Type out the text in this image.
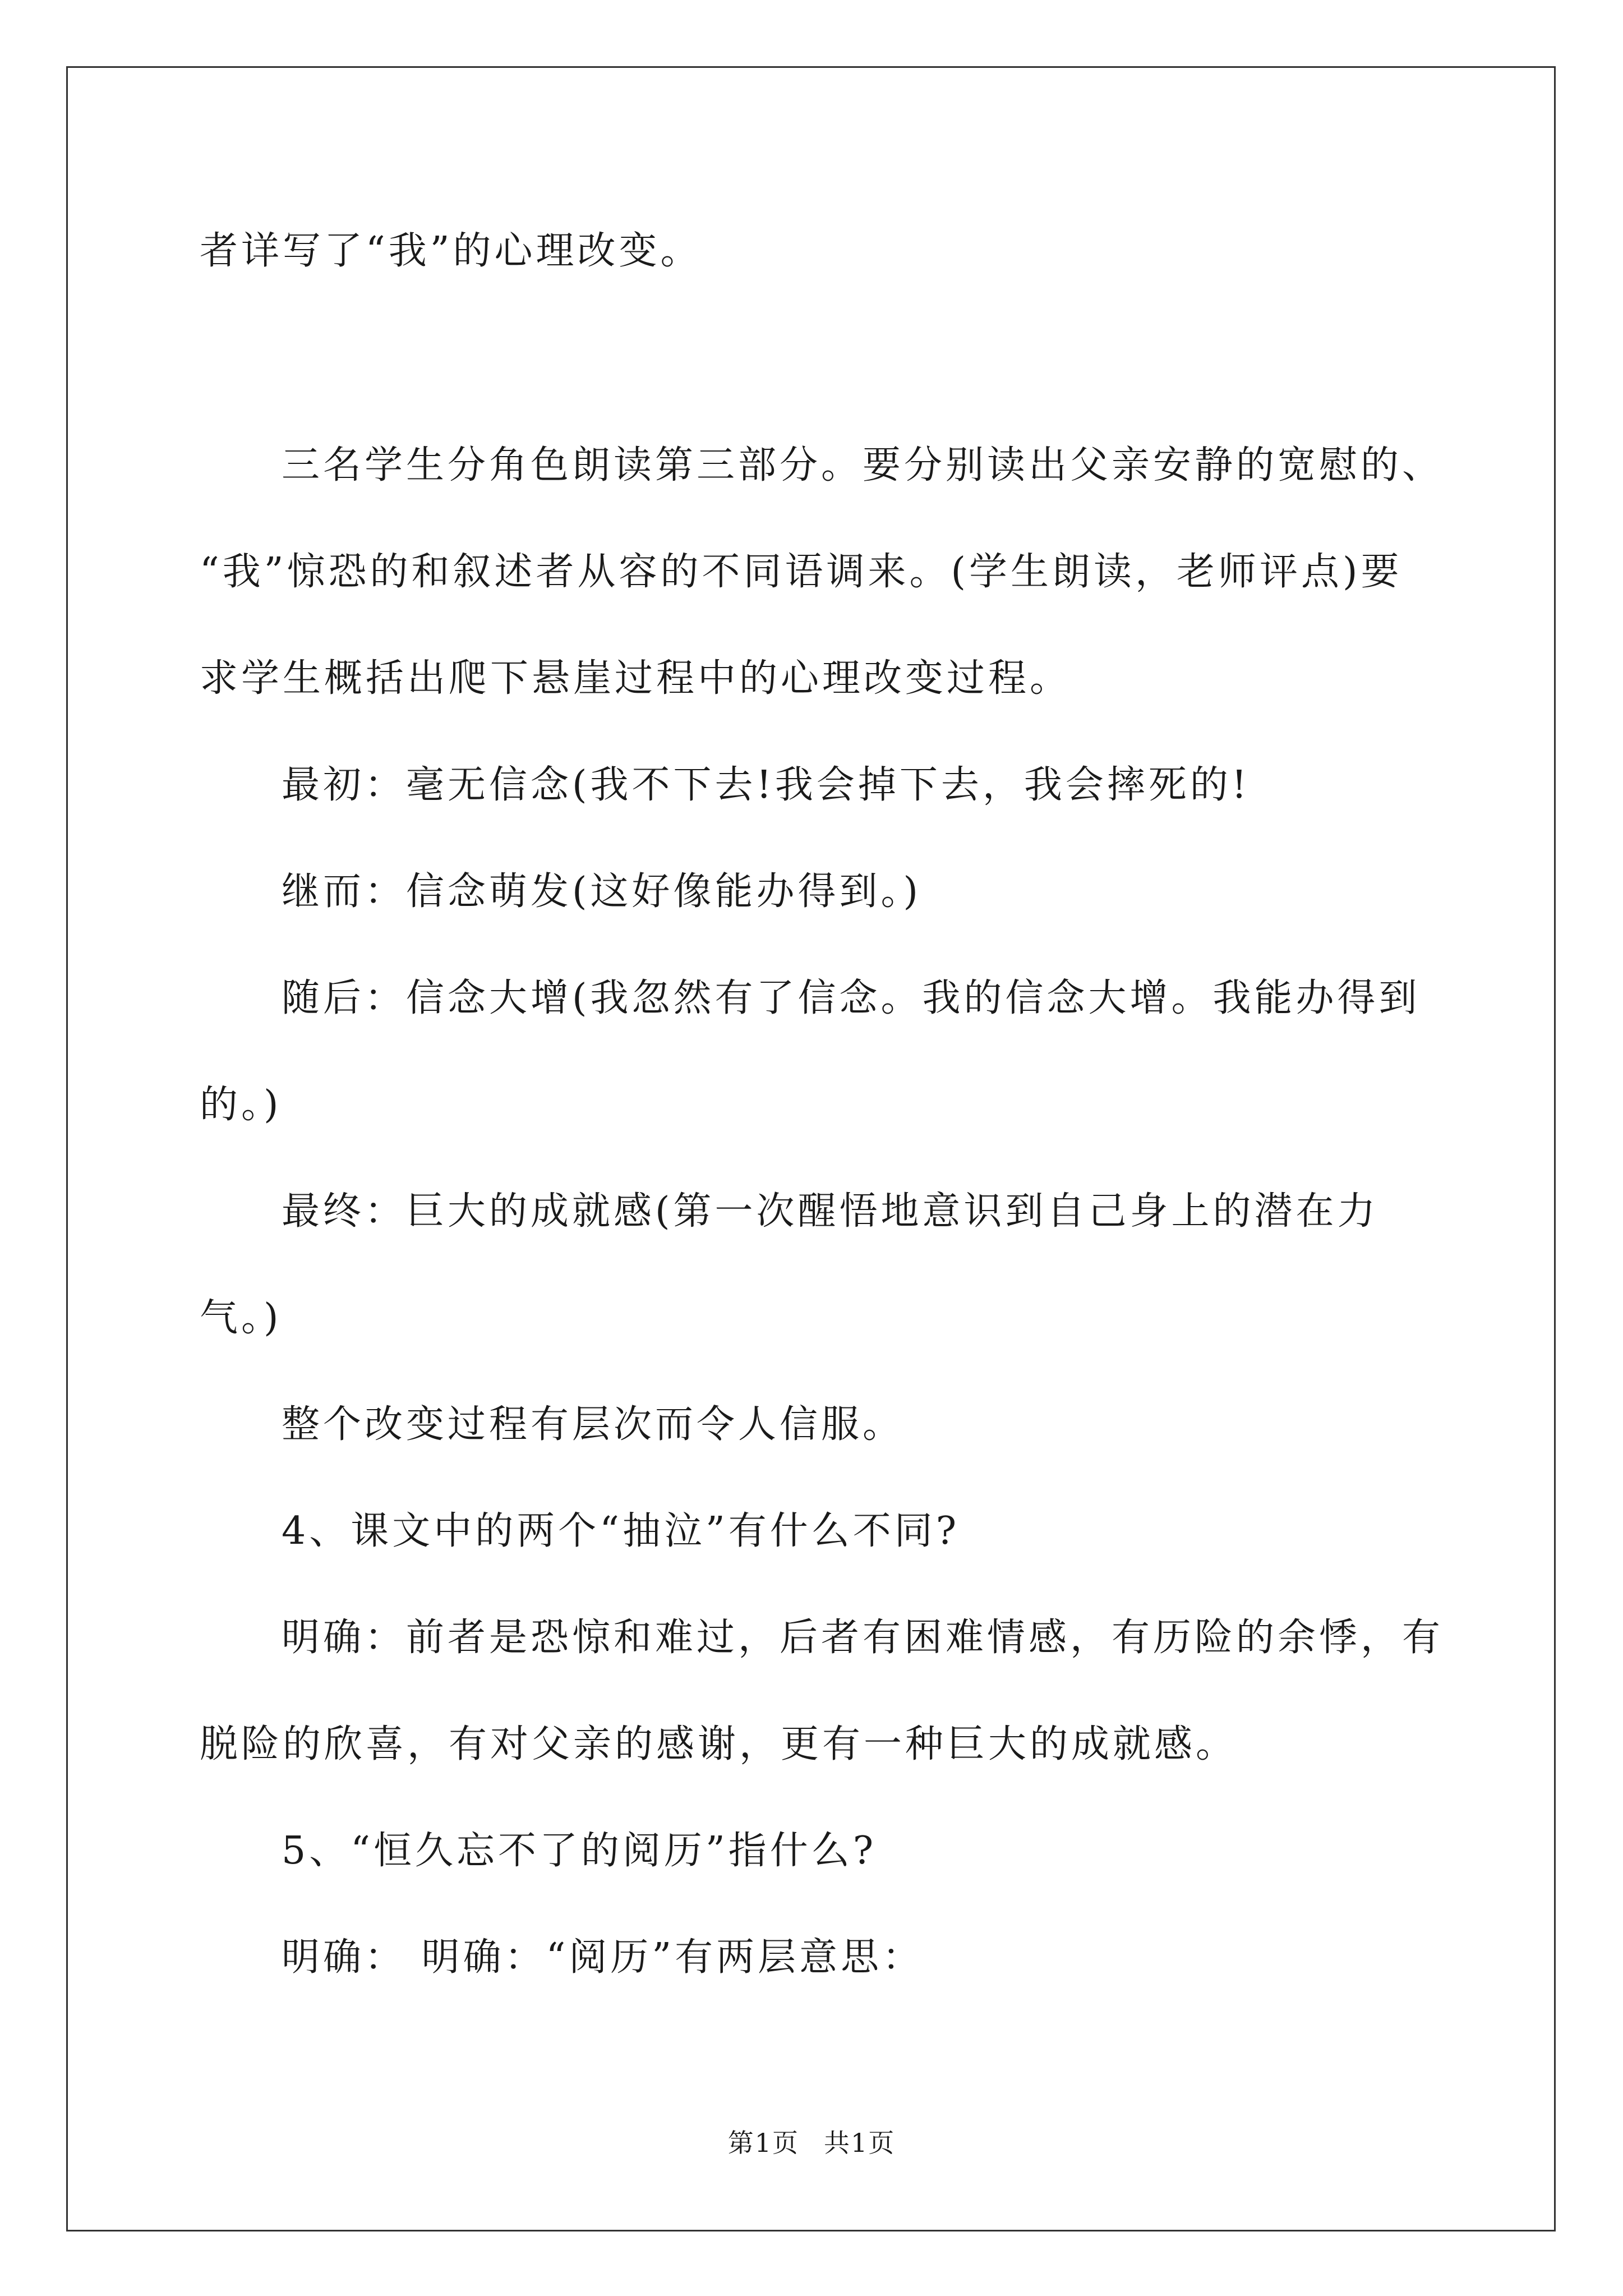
者详写了“我”的心理改变。
三名学生分角色朗读第三部分。要分别读出父亲安静的宽慰的、
“我”惊恐的和叙述者从容的不同语调来。(学生朗读，老师评点)要
求学生概括出爬下悬崖过程中的心理改变过程。
最初：毫无信念(我不下去!我会掉下去，我会摔死的!
继而：信念萌发(这好像能办得到。)
随后：信念大增(我忽然有了信念。我的信念大增。我能办得到
的。)
最终：巨大的成就感(第一次醒悟地意识到自己身上的潜在力
气。)
整个改变过程有层次而令人信服。
4、课文中的两个“抽泣”有什么不同?
明确：前者是恐惊和难过，后者有困难情感，有历险的余悸，有
脱险的欣喜，有对父亲的感谢，更有一种巨大的成就感。
5、“恒久忘不了的阅历”指什么?
明确： 明确：“阅历”有两层意思：
第1页 共1页
